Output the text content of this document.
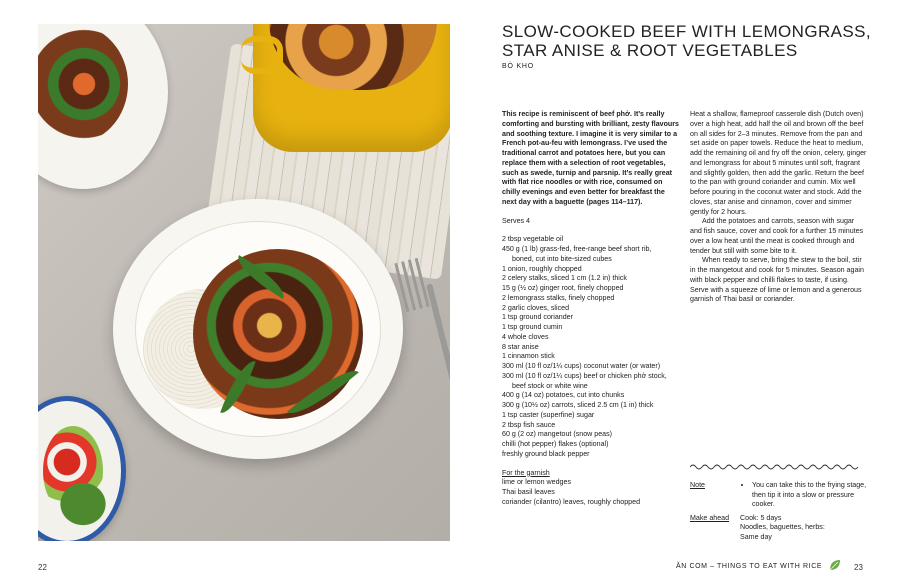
22
SLOW-COOKED BEEF WITH LEMONGRASS, STAR ANISE & ROOT VEGETABLES
BÒ KHO

This recipe is reminiscent of beef phở. It’s really comforting and bursting with brilliant, zesty flavours and soothing texture. I imagine it is very similar to a French pot-au-feu with lemongrass. I’ve used the traditional carrot and potatoes here, but you can replace them with a selection of root vegetables, such as swede, turnip and parsnip. It’s really great with flat rice noodles or with rice, consumed on chilly evenings and even better for breakfast the next day with a baguette (pages 114–117).

Serves 4

2 tbsp vegetable oil
450 g (1 lb) grass-fed, free-range beef short rib,
boned, cut into bite-sized cubes
1 onion, roughly chopped
2 celery stalks, sliced 1 cm (1.2 in) thick
15 g (½ oz) ginger root, finely chopped
2 lemongrass stalks, finely chopped
2 garlic cloves, sliced
1 tsp ground coriander
1 tsp ground cumin
4 whole cloves
8 star anise
1 cinnamon stick
300 ml (10 fl oz/1¼ cups) coconut water (or water)
300 ml (10 fl oz/1¼ cups) beef or chicken phở stock,
beef stock or white wine
400 g (14 oz) potatoes, cut into chunks
300 g (10½ oz) carrots, sliced 2.5 cm (1 in) thick
1 tsp caster (superfine) sugar
2 tbsp fish sauce
60 g (2 oz) mangetout (snow peas)
chilli (hot pepper) flakes (optional)
freshly ground black pepper
For the garnish
lime or lemon wedges
Thai basil leaves
coriander (cilantro) leaves, roughly chopped

Heat a shallow, flameproof casserole dish (Dutch oven) over a high heat, add half the oil and brown off the beef on all sides for 2–3 minutes. Remove from the pan and set aside on paper towels. Reduce the heat to medium, add the remaining oil and fry off the onion, celery, ginger and lemongrass for about 5 minutes until soft, fragrant and slightly golden, then add the garlic. Return the beef to the pan with ground coriander and cumin. Mix well before pouring in the coconut water and stock. Add the cloves, star anise and cinnamon, cover and simmer gently for 2 hours.

Add the potatoes and carrots, season with sugar and fish sauce, cover and cook for a further 15 minutes over a low heat until the meat is cooked through and tender but still with some bite to it.

When ready to serve, bring the stew to the boil, stir in the mangetout and cook for 5 minutes. Season again with black pepper and chilli flakes to taste, if using. Serve with a squeeze of lime or lemon and a generous garnish of Thai basil or coriander.

Note
•	You can take this to the frying stage, then tip it into a slow or pressure cooker.
Make ahead	Cook: 5 days
Noodles, baguettes, herbs:
Same day
ĂN COM – THINGS TO EAT WITH RICE	23
